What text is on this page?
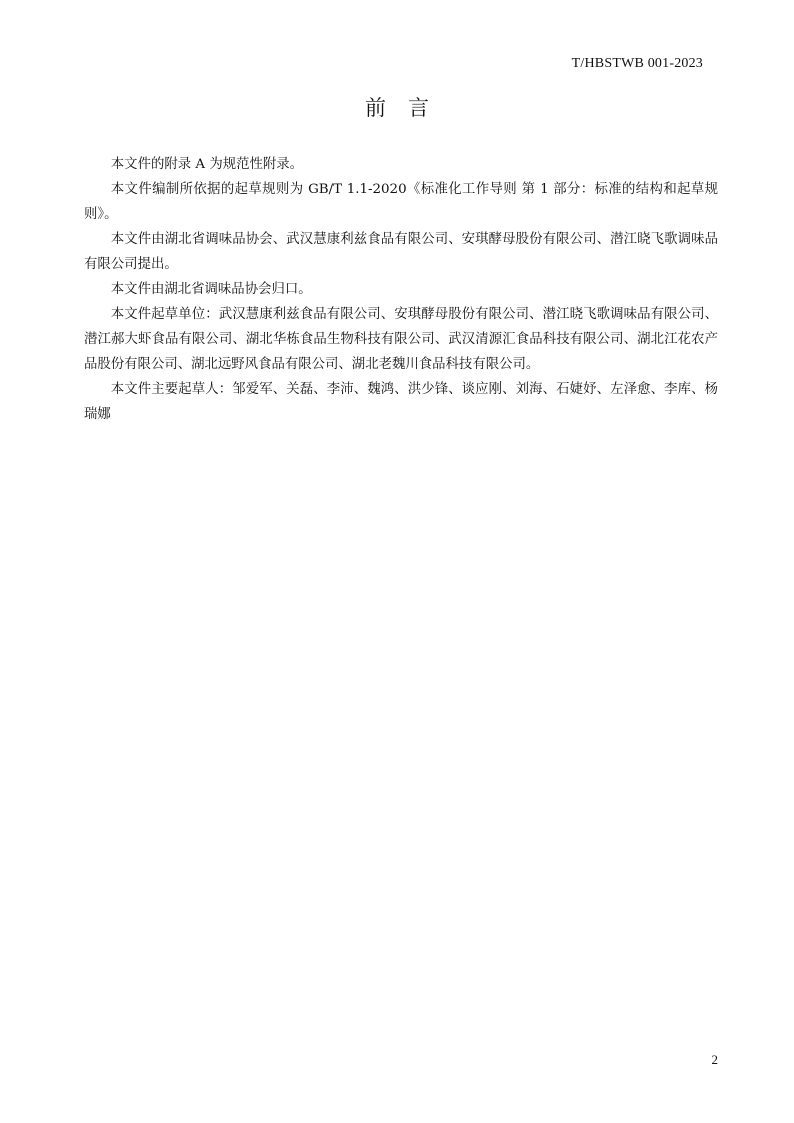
T/HBSTWB 001-2023
前 言

本文件的附录 A 为规范性附录。

本文件编制所依据的起草规则为 GB/T 1.1-2020《标准化工作导则 第 1 部分：标准的结构和起草规则》。

本文件由湖北省调味品协会、武汉慧康利兹食品有限公司、安琪酵母股份有限公司、潜江晓飞歌调味品有限公司提出。

本文件由湖北省调味品协会归口。

本文件起草单位：武汉慧康利兹食品有限公司、安琪酵母股份有限公司、潜江晓飞歌调味品有限公司、潜江郝大虾食品有限公司、湖北华栋食品生物科技有限公司、武汉清源汇食品科技有限公司、湖北江花农产品股份有限公司、湖北远野风食品有限公司、湖北老魏川食品科技有限公司。

本文件主要起草人：邹爱军、关磊、李沛、魏鸿、洪少锋、谈应刚、刘海、石婕妤、左泽愈、李库、杨瑞娜

2
